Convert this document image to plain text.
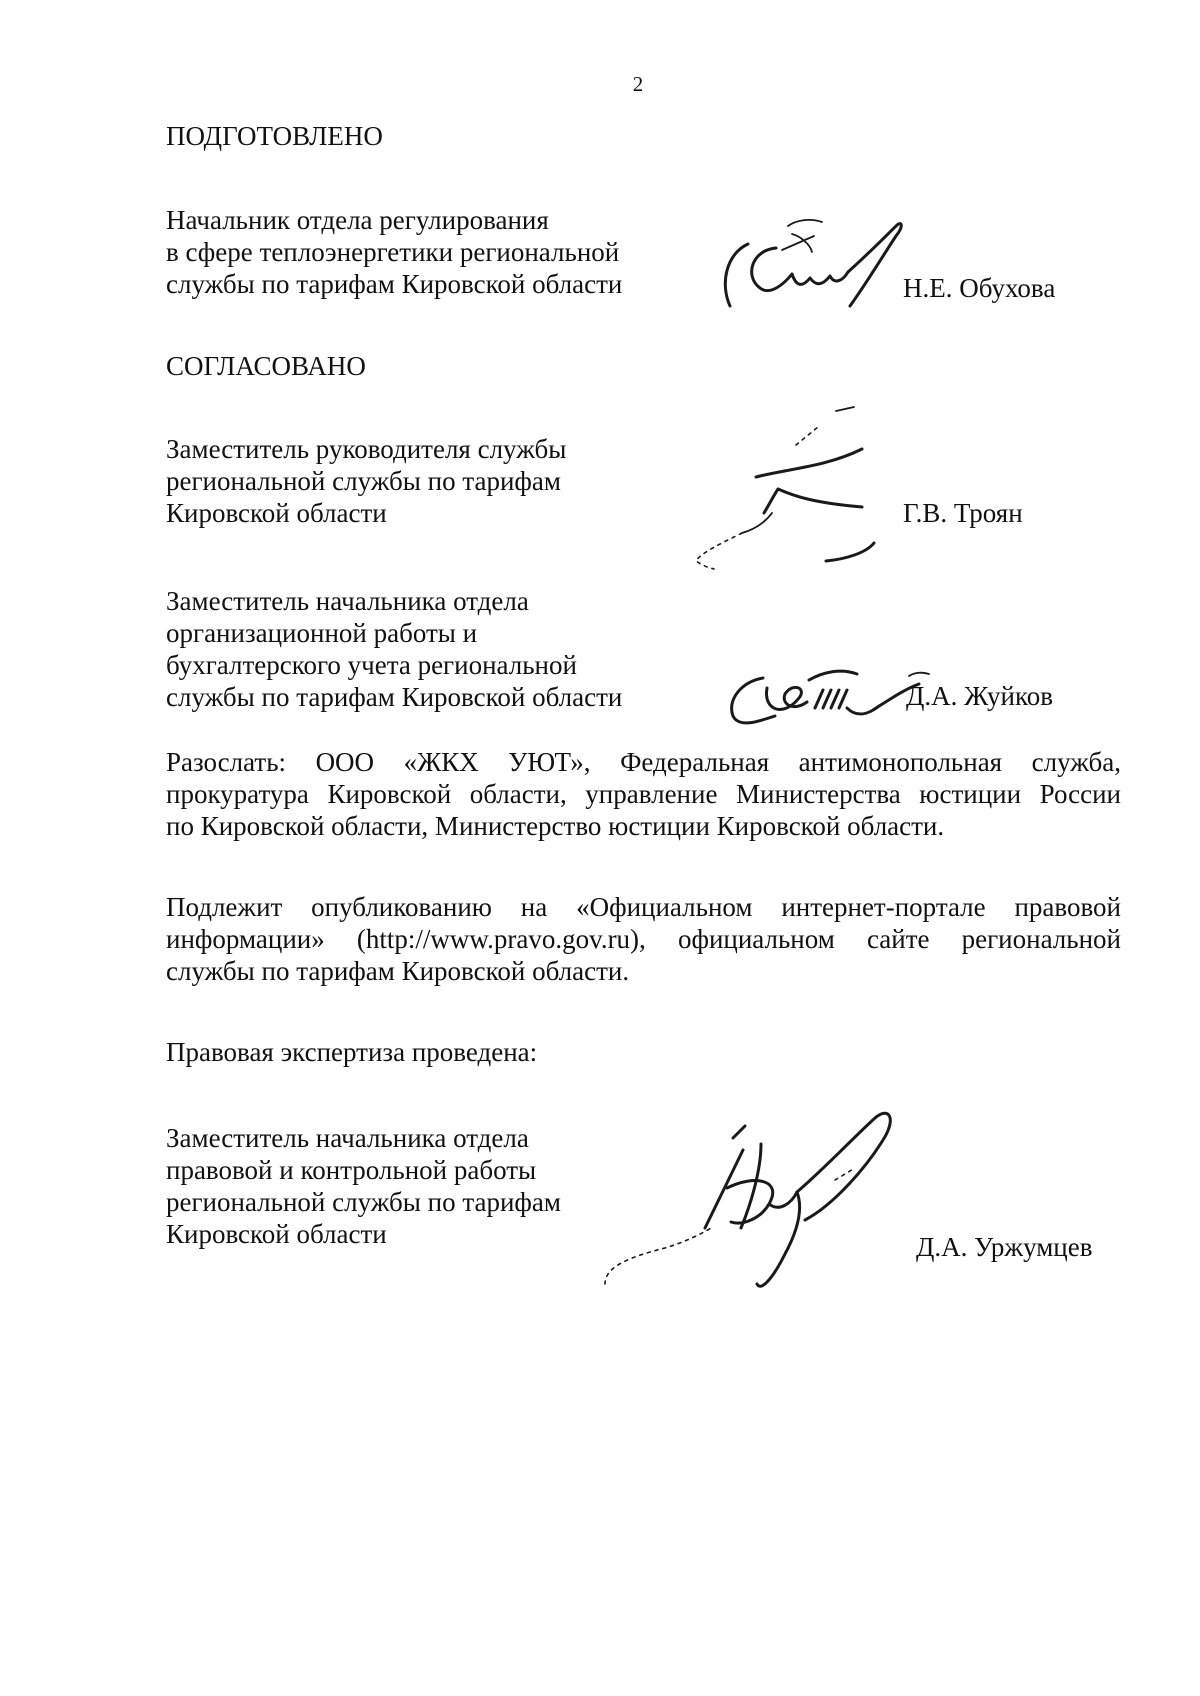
2
ПОДГОТОВЛЕНО
Начальник отдела регулирования
в сфере теплоэнергетики региональной
службы по тарифам Кировской области	Н.Е. Обухова
СОГЛАСОВАНО
Заместитель руководителя службы
региональной службы по тарифам
Кировской области	Г.В. Троян
Заместитель начальника отдела
организационной работы и
бухгалтерского учета региональной
службы по тарифам Кировской области	Д.А. Жуйков
Разослать: ООО «ЖКХ УЮТ», Федеральная антимонопольная служба,
прокуратура Кировской области, управление Министерства юстиции России
по Кировской области, Министерство юстиции Кировской области.
Подлежит опубликованию на «Официальном интернет-портале правовой
информации» (http://www.pravo.gov.ru), официальном сайте региональной
службы по тарифам Кировской области.
Правовая экспертиза проведена:
Заместитель начальника отдела
правовой и контрольной работы
региональной службы по тарифам
Кировской области	Д.А. Уржумцев
